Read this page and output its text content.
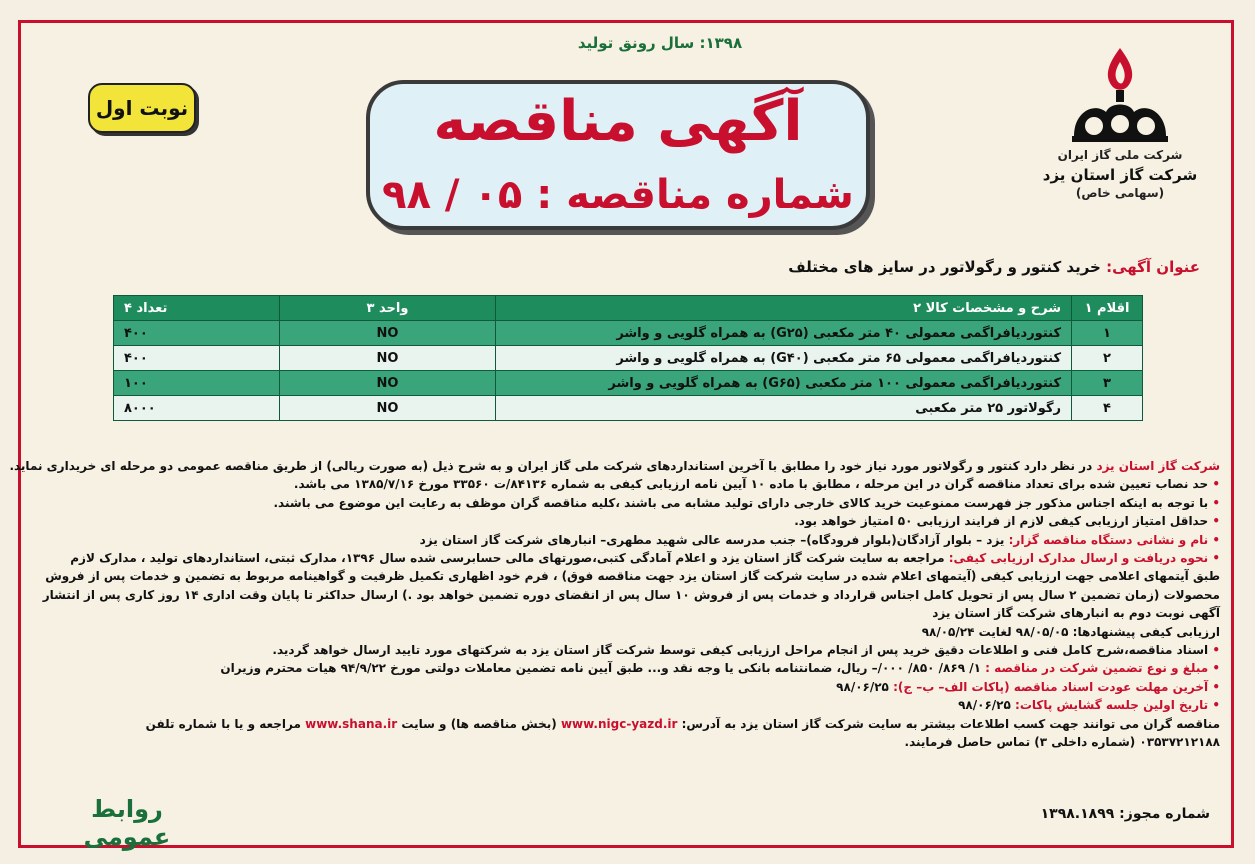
۱۳۹۸: سال رونق تولید
نوبت اول	آگهی مناقصه
شماره مناقصه : ۰۵ / ۹۸
شرکت ملی گاز ایران
شرکت گاز استان یزد
(سهامی خاص)
عنوان آگهی: خرید کنتور و رگولاتور در سایز های مختلف
اقلام ۱	شرح و مشخصات کالا ۲	واحد ۳	تعداد ۴
۱	کنتوردیافراگمی معمولی ۴۰ متر مکعبی (G۲۵) به همراه گلویی و واشر	NO	۴۰۰
۲	کنتوردیافراگمی معمولی ۶۵ متر مکعبی (G۴۰) به همراه گلویی و واشر	NO	۴۰۰
۳	کنتوردیافراگمی معمولی ۱۰۰ متر مکعبی (G۶۵) به همراه گلویی و واشر	NO	۱۰۰
۴	رگولاتور ۲۵ متر مکعبی	NO	۸۰۰۰

شرکت گاز استان یزد در نظر دارد کنتور و رگولاتور مورد نیاز خود را مطابق با آخرین استانداردهای شرکت ملی گاز ایران و به شرح ذیل (به صورت ریالی) از طریق مناقصه عمومی دو مرحله ای خریداری نماید.

• حد نصاب تعیین شده برای تعداد مناقصه گران در این مرحله ، مطابق با ماده ۱۰ آیین نامه ارزیابی کیفی به شماره ۸۴۱۳۶/ت ۳۳۵۶۰ مورخ ۱۳۸۵/۷/۱۶ می باشد.

• با توجه به اینکه اجناس مذکور جز فهرست ممنوعیت خرید کالای خارجی دارای تولید مشابه می باشند ،کلیه مناقصه گران موظف به رعایت این موضوع می باشند.

• حداقل امتیاز ارزیابی کیفی لازم از فرایند ارزیابی ۵۰ امتیاز خواهد بود.

• نام و نشانی دستگاه مناقصه گزار: یزد – بلوار آزادگان(بلوار فرودگاه)– جنب مدرسه عالی شهید مطهری– انبارهای شرکت گاز استان یزد

• نحوه دریافت و ارسال مدارک ارزیابی کیفی: مراجعه به سایت شرکت گاز استان یزد و اعلام آمادگی کتبی،صورتهای مالی حسابرسی شده سال ۱۳۹۶، مدارک ثبتی، استانداردهای تولید ، مدارک لازم

طبق آیتمهای اعلامی جهت ارزیابی کیفی (آیتمهای اعلام شده در سایت شرکت گاز استان یزد جهت مناقصه فوق) ، فرم خود اظهاری تکمیل ظرفیت و گواهینامه مربوط به تضمین و خدمات پس از فروش

محصولات (زمان تضمین ۲ سال پس از تحویل کامل اجناس قرارداد و خدمات پس از فروش ۱۰ سال پس از انقضای دوره تضمین خواهد بود .) ارسال حداکثر تا پایان وقت اداری ۱۴ روز کاری پس از انتشار

آگهی نوبت دوم به انبارهای شرکت گاز استان یزد

ارزیابی کیفی پیشنهادها: ۹۸/۰۵/۰۵ لغایت ۹۸/۰۵/۲۴

• اسناد مناقصه،شرح کامل فنی و اطلاعات دقیق خرید پس از انجام مراحل ارزیابی کیفی توسط شرکت گاز استان یزد به شرکتهای مورد تایید ارسال خواهد گردید.

• مبلغ و نوع تضمین شرکت در مناقصه : ۱/ ۸۶۹/ ۸۵۰/ ۰۰۰/– ریال، ضمانتنامه بانکی یا وجه نقد و... طبق آیین نامه تضمین معاملات دولتی مورخ ۹۴/۹/۲۲ هیات محترم وزیران

• آخرین مهلت عودت اسناد مناقصه (پاکات الف– ب– ج): ۹۸/۰۶/۲۵

• تاریخ اولین جلسه گشایش پاکات: ۹۸/۰۶/۲۵

مناقصه گران می توانند جهت کسب اطلاعات بیشتر به سایت شرکت گاز استان یزد به آدرس: www.nigc-yazd.ir (بخش مناقصه ها) و سایت www.shana.ir مراجعه و یا با شماره تلفن

۰۳۵۳۷۲۱۲۱۸۸ (شماره داخلی ۳) تماس حاصل فرمایند.

روابط عمومی
شماره مجوز: ۱۳۹۸.۱۸۹۹
